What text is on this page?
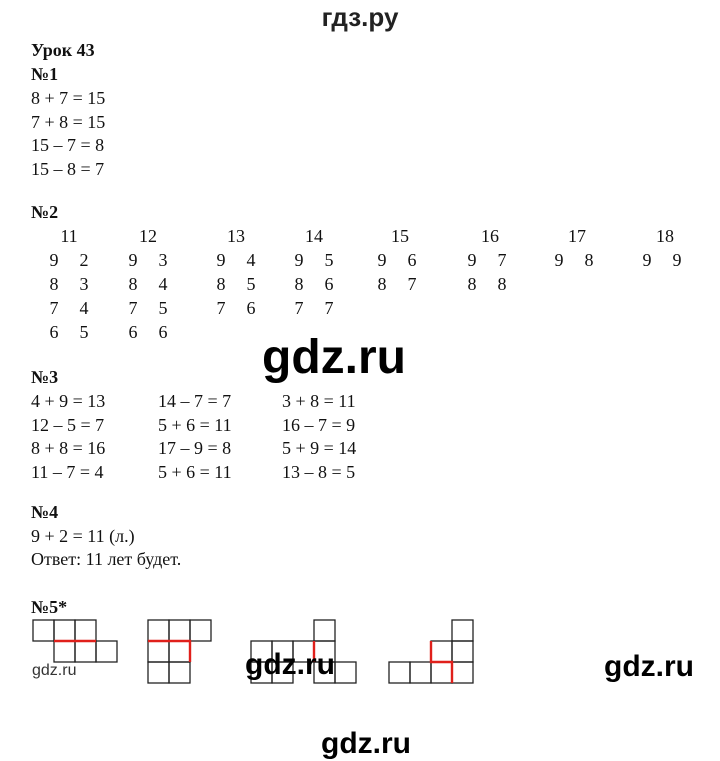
гдз.ру
Урок 43
№1
8 + 7 = 15
7 + 8 = 15
15 – 7 = 8
15 – 8 = 7
№2
11
9 2
8 3
7 4
6 5
12
9 3
8 4
7 5
6 6
13
9 4
8 5
7 6
14
9 5
8 6
7 7
15
9 6
8 7
16
9 7
8 8
17
9 8
18
9 9
№3
4 + 9 = 13
12 – 5 = 7
8 + 8 = 16
11 – 7 = 4
14 – 7 = 7
5 + 6 = 11
17 – 9 = 8
5 + 6 = 11
3 + 8 = 11
16 – 7 = 9
5 + 9 = 14
13 – 8 = 5
№4
9 + 2 = 11 (л.)
Ответ: 11 лет будет.
№5*
gdz.ru
gdz.ru	gdz.ru	gdz.ru
gdz.ru
